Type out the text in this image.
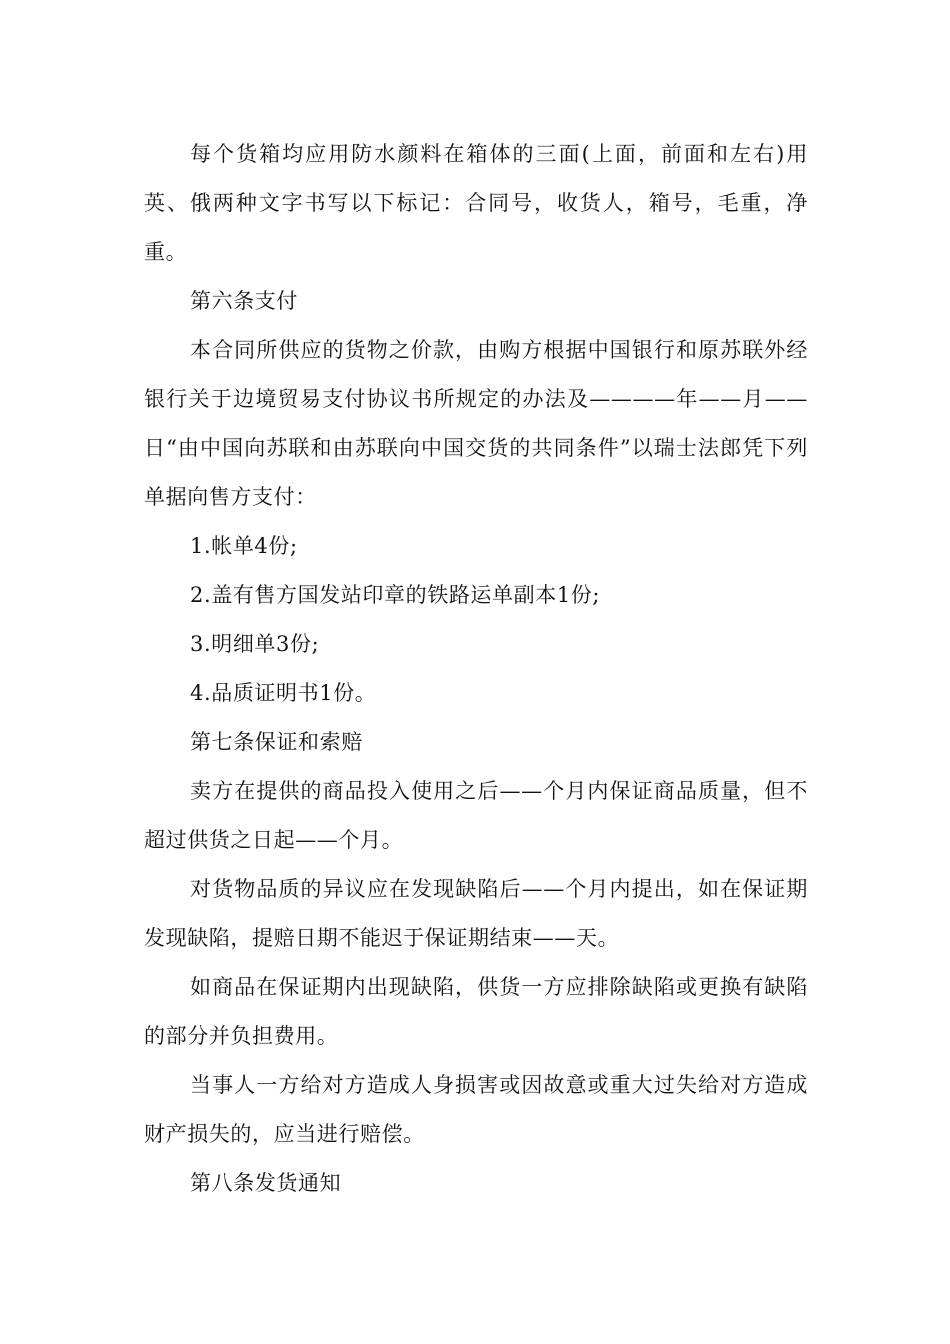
每个货箱均应用防水颜料在箱体的三面(上面，前面和左右)用英、俄两种文字书写以下标记：合同号，收货人，箱号，毛重，净重。

第六条支付

本合同所供应的货物之价款，由购方根据中国银行和原苏联外经银行关于边境贸易支付协议书所规定的办法及————年——月——日“由中国向苏联和由苏联向中国交货的共同条件”以瑞士法郎凭下列单据向售方支付：

1.帐单4份;

2.盖有售方国发站印章的铁路运单副本1份;

3.明细单3份;

4.品质证明书1份。

第七条保证和索赔

卖方在提供的商品投入使用之后——个月内保证商品质量，但不超过供货之日起——个月。

对货物品质的异议应在发现缺陷后——个月内提出，如在保证期发现缺陷，提赔日期不能迟于保证期结束——天。

如商品在保证期内出现缺陷，供货一方应排除缺陷或更换有缺陷的部分并负担费用。

当事人一方给对方造成人身损害或因故意或重大过失给对方造成财产损失的，应当进行赔偿。

第八条发货通知
